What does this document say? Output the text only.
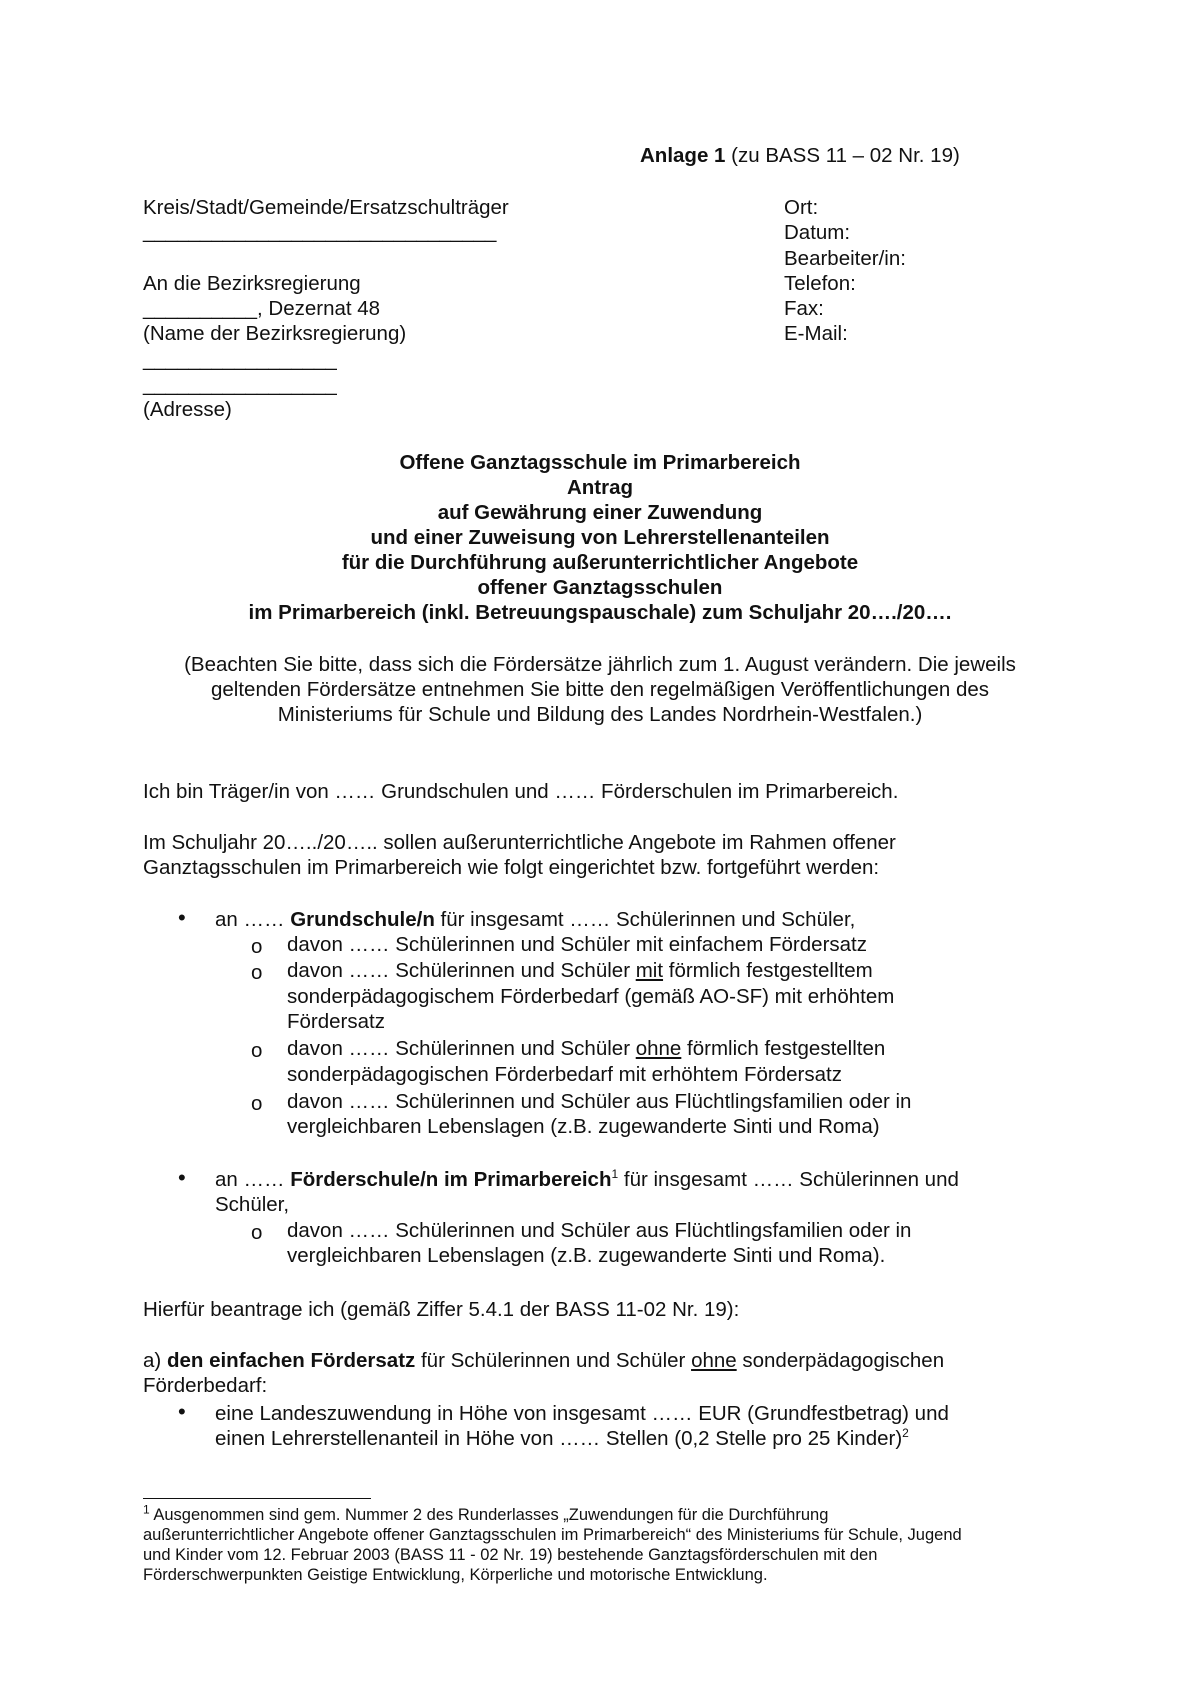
Anlage 1 (zu BASS 11 – 02 Nr. 19)
Kreis/Stadt/Gemeinde/Ersatzschulträger
_______________________________
An die Bezirksregierung
__________, Dezernat 48
(Name der Bezirksregierung)
_________________
_________________
(Adresse)
Ort:
Datum:
Bearbeiter/in:
Telefon:
Fax:
E-Mail:
Offene Ganztagsschule im Primarbereich
Antrag
auf Gewährung einer Zuwendung
und einer Zuweisung von Lehrerstellenanteilen
für die Durchführung außerunterrichtlicher Angebote
offener Ganztagsschulen
im Primarbereich (inkl. Betreuungspauschale) zum Schuljahr 20…./20….
(Beachten Sie bitte, dass sich die Fördersätze jährlich zum 1. August verändern. Die jeweils
geltenden Fördersätze entnehmen Sie bitte den regelmäßigen Veröffentlichungen des
Ministeriums für Schule und Bildung des Landes Nordrhein-Westfalen.)
Ich bin Träger/in von …… Grundschulen und …… Förderschulen im Primarbereich.
Im Schuljahr 20…../20….. sollen außerunterrichtliche Angebote im Rahmen offener
Ganztagsschulen im Primarbereich wie folgt eingerichtet bzw. fortgeführt werden:
• an …… Grundschule/n für insgesamt …… Schülerinnen und Schüler,
o davon …… Schülerinnen und Schüler mit einfachem Fördersatz
o davon …… Schülerinnen und Schüler mit förmlich festgestelltem
sonderpädagogischem Förderbedarf (gemäß AO-SF) mit erhöhtem
Fördersatz
o davon …… Schülerinnen und Schüler ohne förmlich festgestellten
sonderpädagogischen Förderbedarf mit erhöhtem Fördersatz
o davon …… Schülerinnen und Schüler aus Flüchtlingsfamilien oder in
vergleichbaren Lebenslagen (z.B. zugewanderte Sinti und Roma)
• an …… Förderschule/n im Primarbereich$^1$ für insgesamt …… Schülerinnen und
Schüler,
o davon …… Schülerinnen und Schüler aus Flüchtlingsfamilien oder in
vergleichbaren Lebenslagen (z.B. zugewanderte Sinti und Roma).
Hierfür beantrage ich (gemäß Ziffer 5.4.1 der BASS 11-02 Nr. 19):
a) den einfachen Fördersatz für Schülerinnen und Schüler ohne sonderpädagogischen
Förderbedarf:
• eine Landeszuwendung in Höhe von insgesamt …… EUR (Grundfestbetrag) und
einen Lehrerstellenanteil in Höhe von …… Stellen (0,2 Stelle pro 25 Kinder)$^2$
$^1$ Ausgenommen sind gem. Nummer 2 des Runderlasses „Zuwendungen für die Durchführung
außerunterrichtlicher Angebote offener Ganztagsschulen im Primarbereich“ des Ministeriums für Schule, Jugend
und Kinder vom 12. Februar 2003 (BASS 11 - 02 Nr. 19) bestehende Ganztagsförderschulen mit den
Förderschwerpunkten Geistige Entwicklung, Körperliche und motorische Entwicklung.
